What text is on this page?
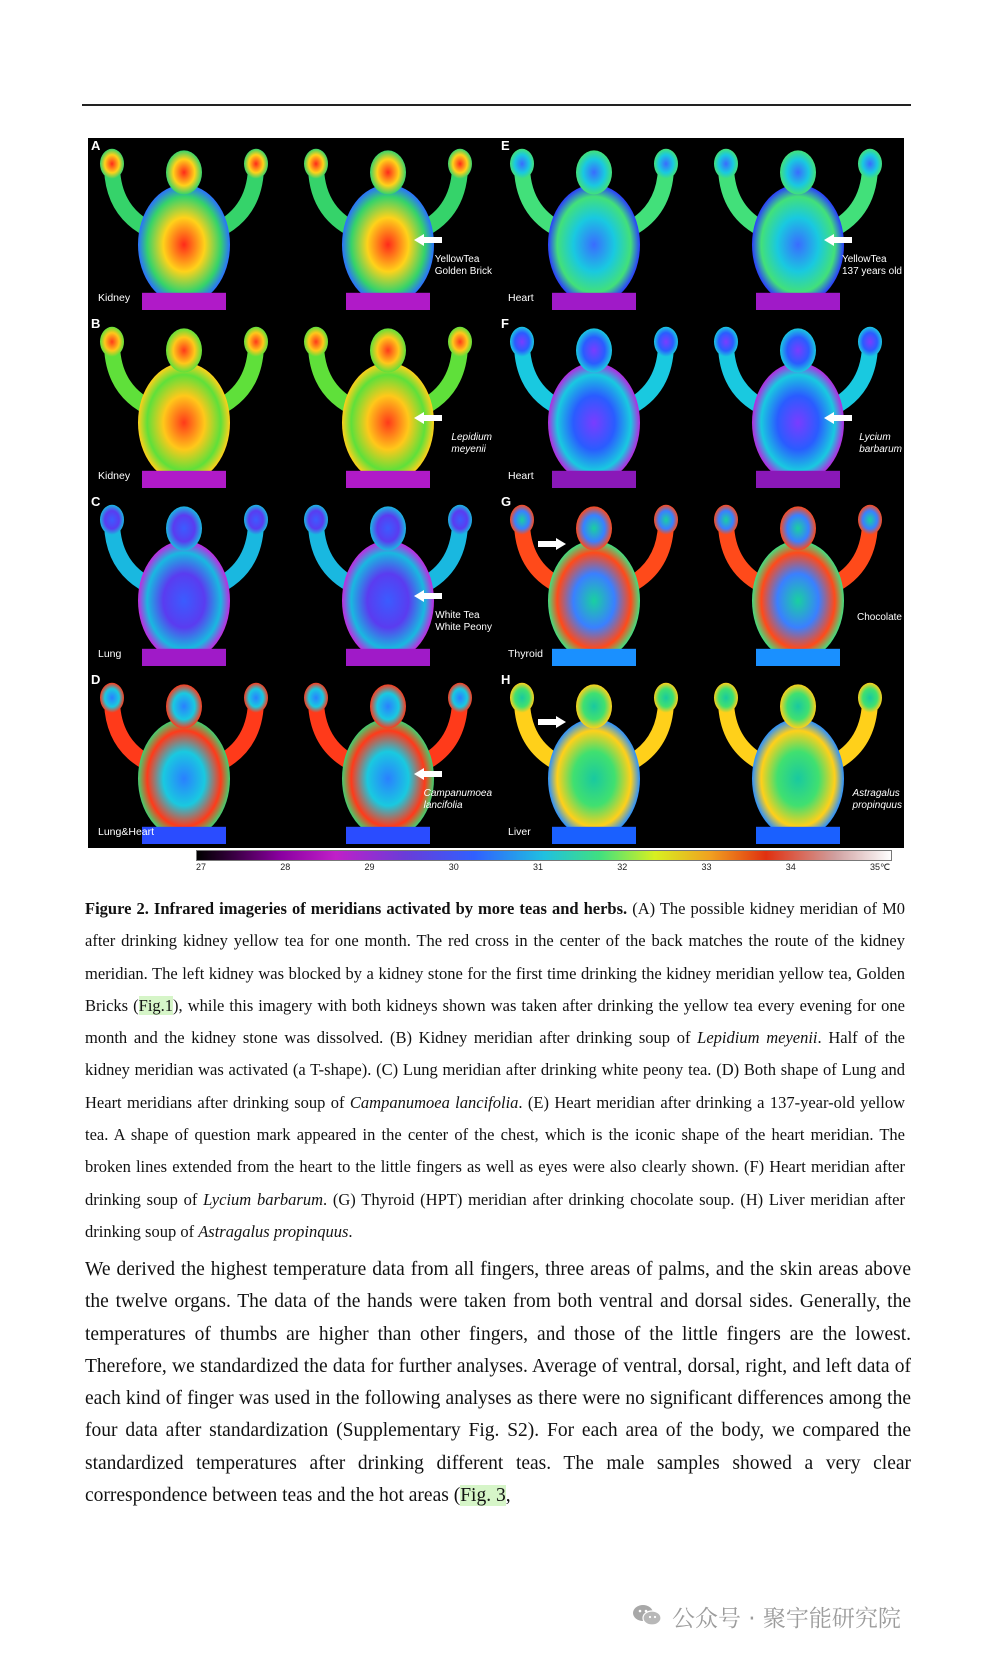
A
Kidney
YellowTea
Golden Brick
E
Heart
YellowTea
137 years old
B
Kidney
Lepidium
meyenii
F
Heart
Lycium
barbarum
C
Lung
White Tea
White Peony
G
Thyroid
Chocolate
D
Lung&Heart
Campanumoea
lancifolia
H
Liver
Astragalus
propinquus
27	28	29	30	31	32	33	34	35℃
Figure 2. Infrared imageries of meridians activated by more teas and herbs. (A) The possible kidney meridian of M0 after drinking kidney yellow tea for one month. The red cross in the center of the back matches the route of the kidney meridian. The left kidney was blocked by a kidney stone for the first time drinking the kidney meridian yellow tea, Golden Bricks (Fig.1), while this imagery with both kidneys shown was taken after drinking the yellow tea every evening for one month and the kidney stone was dissolved. (B) Kidney meridian after drinking soup of Lepidium meyenii. Half of the kidney meridian was activated (a T-shape). (C) Lung meridian after drinking white peony tea. (D) Both shape of Lung and Heart meridians after drinking soup of Campanumoea lancifolia. (E) Heart meridian after drinking a 137-year-old yellow tea. A shape of question mark appeared in the center of the chest, which is the iconic shape of the heart meridian. The broken lines extended from the heart to the little fingers as well as eyes were also clearly shown. (F) Heart meridian after drinking soup of Lycium barbarum. (G) Thyroid (HPT) meridian after drinking chocolate soup. (H) Liver meridian after drinking soup of Astragalus propinquus.
We derived the highest temperature data from all fingers, three areas of palms, and the skin areas above the twelve organs. The data of the hands were taken from both ventral and dorsal sides. Generally, the temperatures of thumbs are higher than other fingers, and those of the little fingers are the lowest. Therefore, we standardized the data for further analyses. Average of ventral, dorsal, right, and left data of each kind of finger was used in the following analyses as there were no significant differences among the four data after standardization (Supplementary Fig. S2). For each area of the body, we compared the standardized temperatures after drinking different teas. The male samples showed a very clear correspondence between teas and the hot areas (Fig. 3,
公众号 · 聚宇能研究院
